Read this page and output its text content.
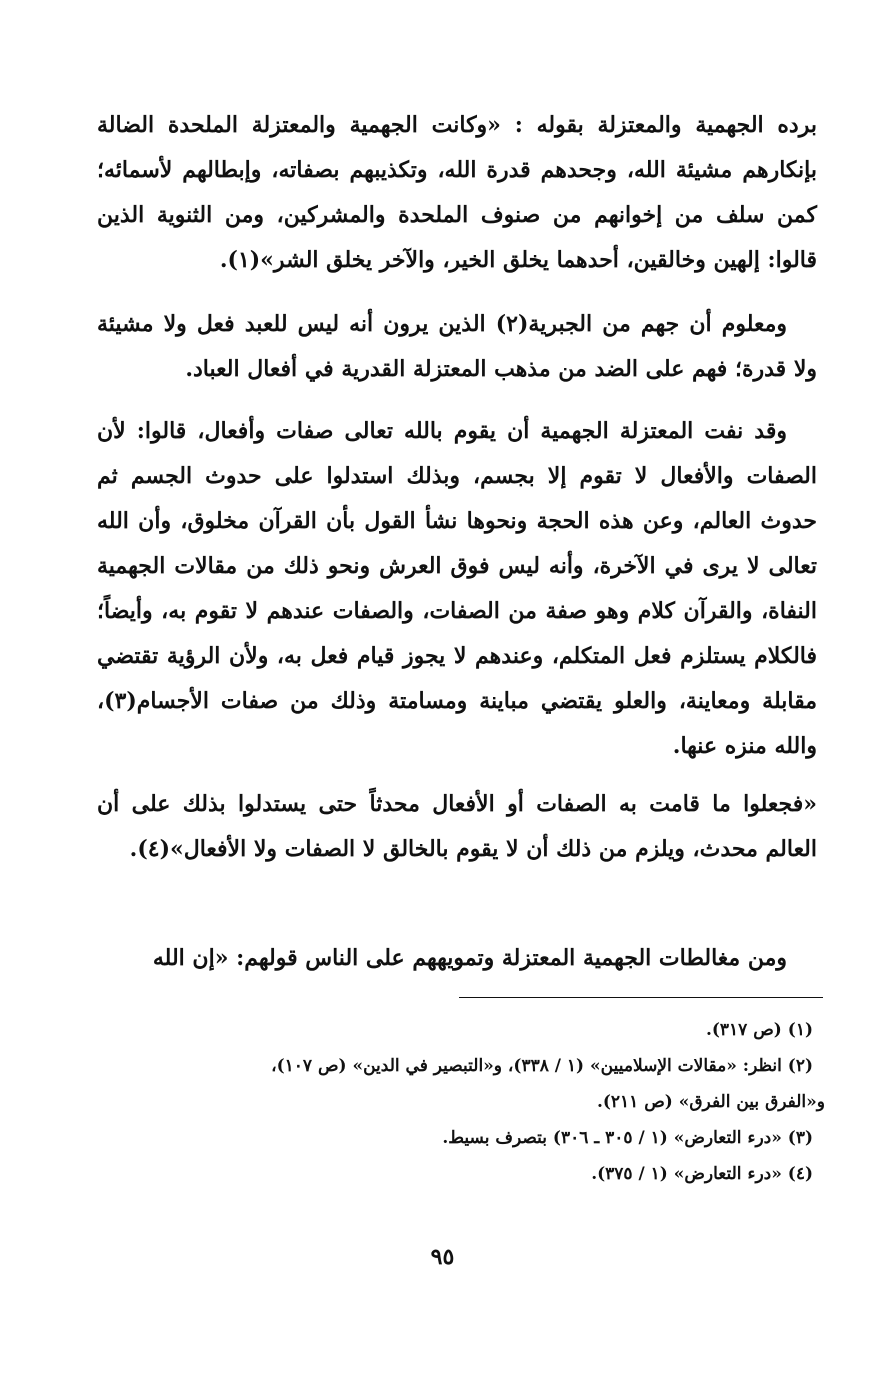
برده الجهمية والمعتزلة بقوله : «وكانت الجهمية والمعتزلة الملحدة الضالة بإنكارهم مشيئة الله، وجحدهم قدرة الله، وتكذيبهم بصفاته، وإبطالهم لأسمائه؛ كمن سلف من إخوانهم من صنوف الملحدة والمشركين، ومن الثنوية الذين قالوا: إلهين وخالقين، أحدهما يخلق الخير، والآخر يخلق الشر»(١).

ومعلوم أن جهم من الجبرية(٢) الذين يرون أنه ليس للعبد فعل ولا مشيئة ولا قدرة؛ فهم على الضد من مذهب المعتزلة القدرية في أفعال العباد.

وقد نفت المعتزلة الجهمية أن يقوم بالله تعالى صفات وأفعال، قالوا: لأن الصفات والأفعال لا تقوم إلا بجسم، وبذلك استدلوا على حدوث الجسم ثم حدوث العالم، وعن هذه الحجة ونحوها نشأ القول بأن القرآن مخلوق، وأن الله تعالى لا يرى في الآخرة، وأنه ليس فوق العرش ونحو ذلك من مقالات الجهمية النفاة، والقرآن كلام وهو صفة من الصفات، والصفات عندهم لا تقوم به، وأيضاً؛ فالكلام يستلزم فعل المتكلم، وعندهم لا يجوز قيام فعل به، ولأن الرؤية تقتضي مقابلة ومعاينة، والعلو يقتضي مباينة ومسامتة وذلك من صفات الأجسام(٣)، والله منزه عنها.

«فجعلوا ما قامت به الصفات أو الأفعال محدثاً حتى يستدلوا بذلك على أن العالم محدث، ويلزم من ذلك أن لا يقوم بالخالق لا الصفات ولا الأفعال»(٤).

ومن مغالطات الجهمية المعتزلة وتمويههم على الناس قولهم: «إن الله

(١) (ص ٣١٧).

(٢) انظر: «مقالات الإسلاميين» (١ / ٣٣٨)، و«التبصير في الدين» (ص ١٠٧)،

و«الفرق بين الفرق» (ص ٢١١).

(٣) «درء التعارض» (١ / ٣٠٥ ـ ٣٠٦) بتصرف بسيط.

(٤) «درء التعارض» (١ / ٣٧٥).

٩٥
